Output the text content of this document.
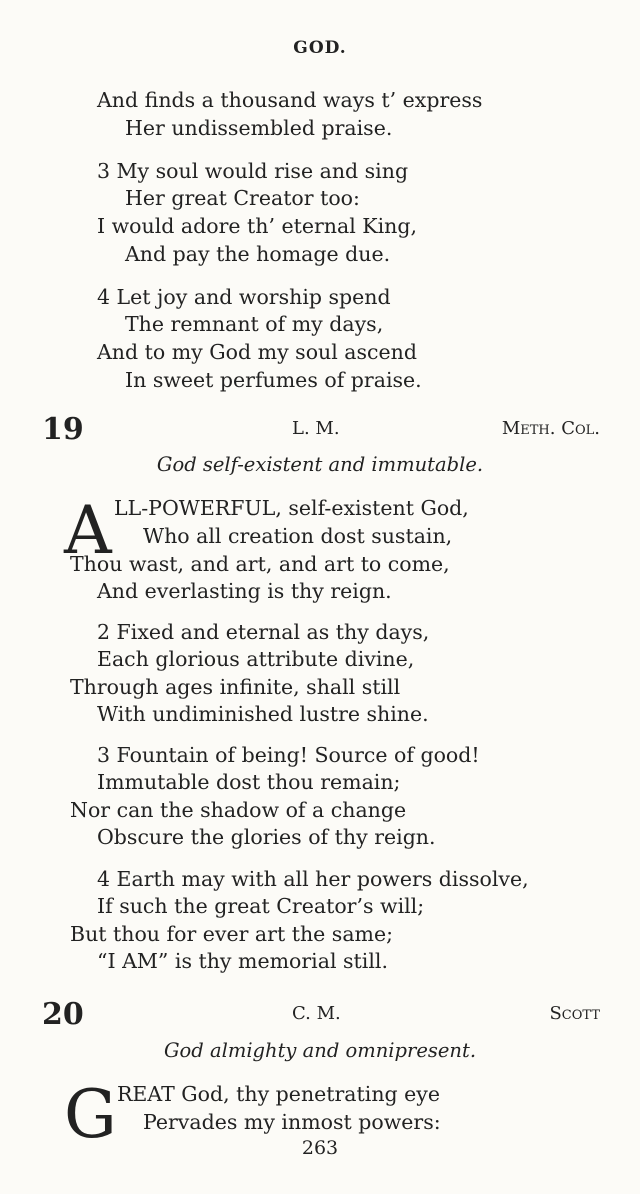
GOD.
And finds a thousand ways t’ express
Her undissembled praise.
3 My soul would rise and sing
Her great Creator too:
I would adore th’ eternal King,
And pay the homage due.
4 Let joy and worship spend
The remnant of my days,
And to my God my soul ascend
In sweet perfumes of praise.
19	L. M.	Meth. Col.
God self-existent and immutable.
A LL-POWERFUL, self-existent God,
Who all creation dost sustain,
Thou wast, and art, and art to come,
And everlasting is thy reign.
2 Fixed and eternal as thy days,
Each glorious attribute divine,
Through ages infinite, shall still
With undiminished lustre shine.
3 Fountain of being! Source of good!
Immutable dost thou remain;
Nor can the shadow of a change
Obscure the glories of thy reign.
4 Earth may with all her powers dissolve,
If such the great Creator’s will;
But thou for ever art the same;
“I AM” is thy memorial still.
20	C. M.	Scott
God almighty and omnipresent.
G REAT God, thy penetrating eye
Pervades my inmost powers:
263
